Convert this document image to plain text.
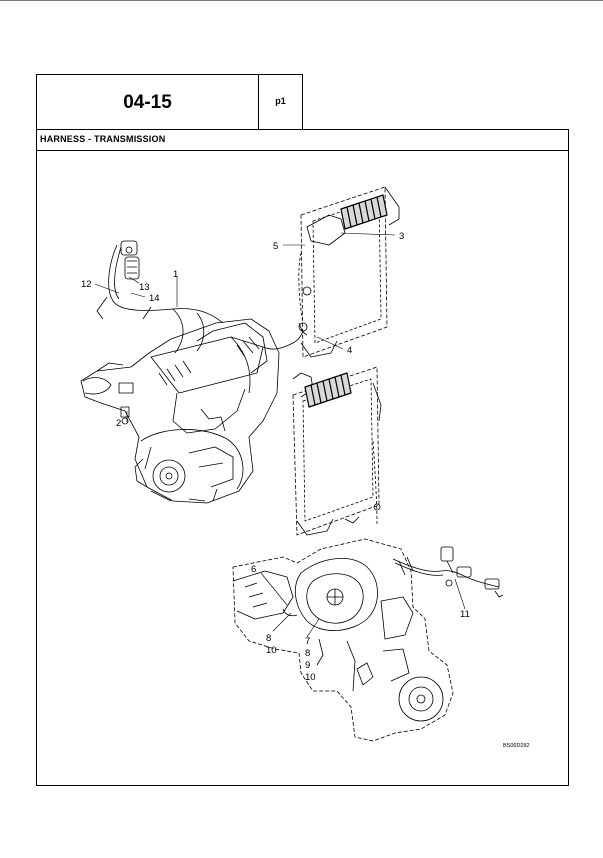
04-15	p1
HARNESS - TRANSMISSION
1
12	13
14
5
3
4
2
6
7
8
10	8
9
10
11
BS06D282
